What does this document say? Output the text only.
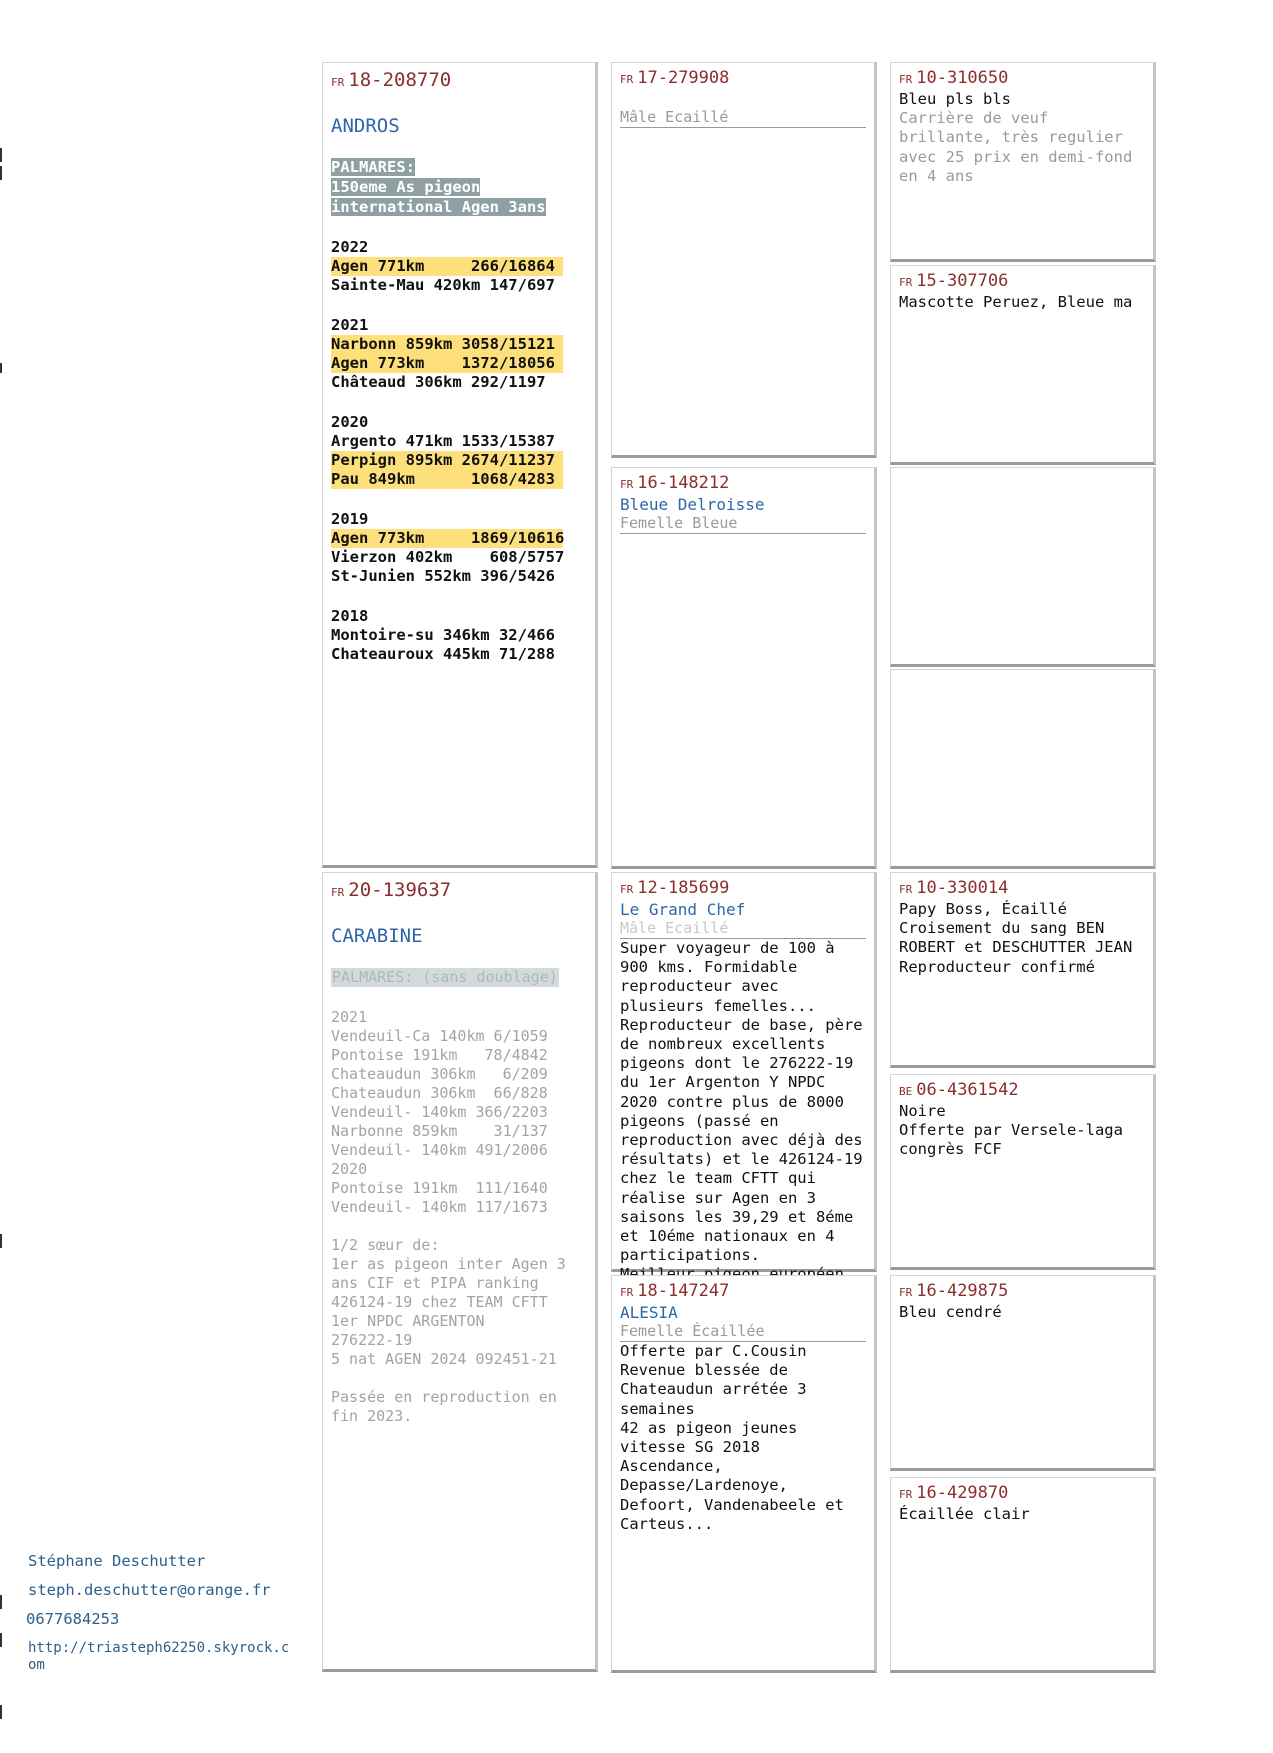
FR 18-208770
ANDROS
PALMARES:
150eme As pigeon
international Agen 3ans
2022
Agen 771km     266/16864
Sainte-Mau 420km 147/697
2021
Narbonn 859km 3058/15121
Agen 773km    1372/18056
Châteaud 306km 292/1197
2020
Argento 471km 1533/15387
Perpign 895km 2674/11237
Pau 849km      1068/4283
2019
Agen 773km     1869/10616
Vierzon 402km    608/5757
St-Junien 552km 396/5426
2018
Montoire-su 346km 32/466
Chateauroux 445km 71/288
FR 17-279908
Mâle Ecaillé
FR 10-310650
Bleu pls bls
Carrière de veuf brillante, très regulier avec 25 prix en demi-fond en 4 ans
FR 15-307706
Mascotte Peruez, Bleue ma
FR 16-148212
Bleue Delroisse
Femelle Bleue
FR 20-139637
CARABINE
PALMARES: (sans doublage)
2021
Vendeuil-Ca 140km 6/1059
Pontoise 191km   78/4842
Chateaudun 306km   6/209
Chateaudun 306km  66/828
Vendeuil- 140km 366/2203
Narbonne 859km    31/137
Vendeuil- 140km 491/2006
2020
Pontoise 191km  111/1640
Vendeuil- 140km 117/1673
1/2 sœur de:
1er as pigeon inter Agen 3
ans CIF et PIPA ranking
426124-19 chez TEAM CFTT
1er NPDC ARGENTON
276222-19
5 nat AGEN 2024 092451-21
Passée en reproduction en
fin 2023.
FR 12-185699
Le Grand Chef
Mâle Ecaillé
Super voyageur de 100 à
900 kms. Formidable
reproducteur avec
plusieurs femelles...
Reproducteur de base, père
de nombreux excellents
pigeons dont le 276222-19
du 1er Argenton Y NPDC
2020 contre plus de 8000
pigeons (passé en
reproduction avec déjà des
résultats) et le 426124-19
chez le team CFTT qui
réalise sur Agen en 3
saisons les 39,29 et 8éme
et 10éme nationaux en 4
participations.
FR 10-330014
Papy Boss, Écaillé
Croisement du sang BEN
ROBERT et DESCHUTTER JEAN
Reproducteur confirmé
BE 06-4361542
Noire
Offerte par Versele-laga
congrès FCF
FR 18-147247
ALESIA
Femelle Écaillée
Offerte par C.Cousin
Revenue blessée de
Chateaudun arrétée 3
semaines
42 as pigeon jeunes
vitesse SG 2018
Ascendance,
Depasse/Lardenoye,
Defoort, Vandenabeele et
Carteus...
FR 16-429875
Bleu cendré
FR 16-429870
Écaillée clair
Stéphane Deschutter
steph.deschutter@orange.fr
0677684253
http://triasteph62250.skyrock.c
om
